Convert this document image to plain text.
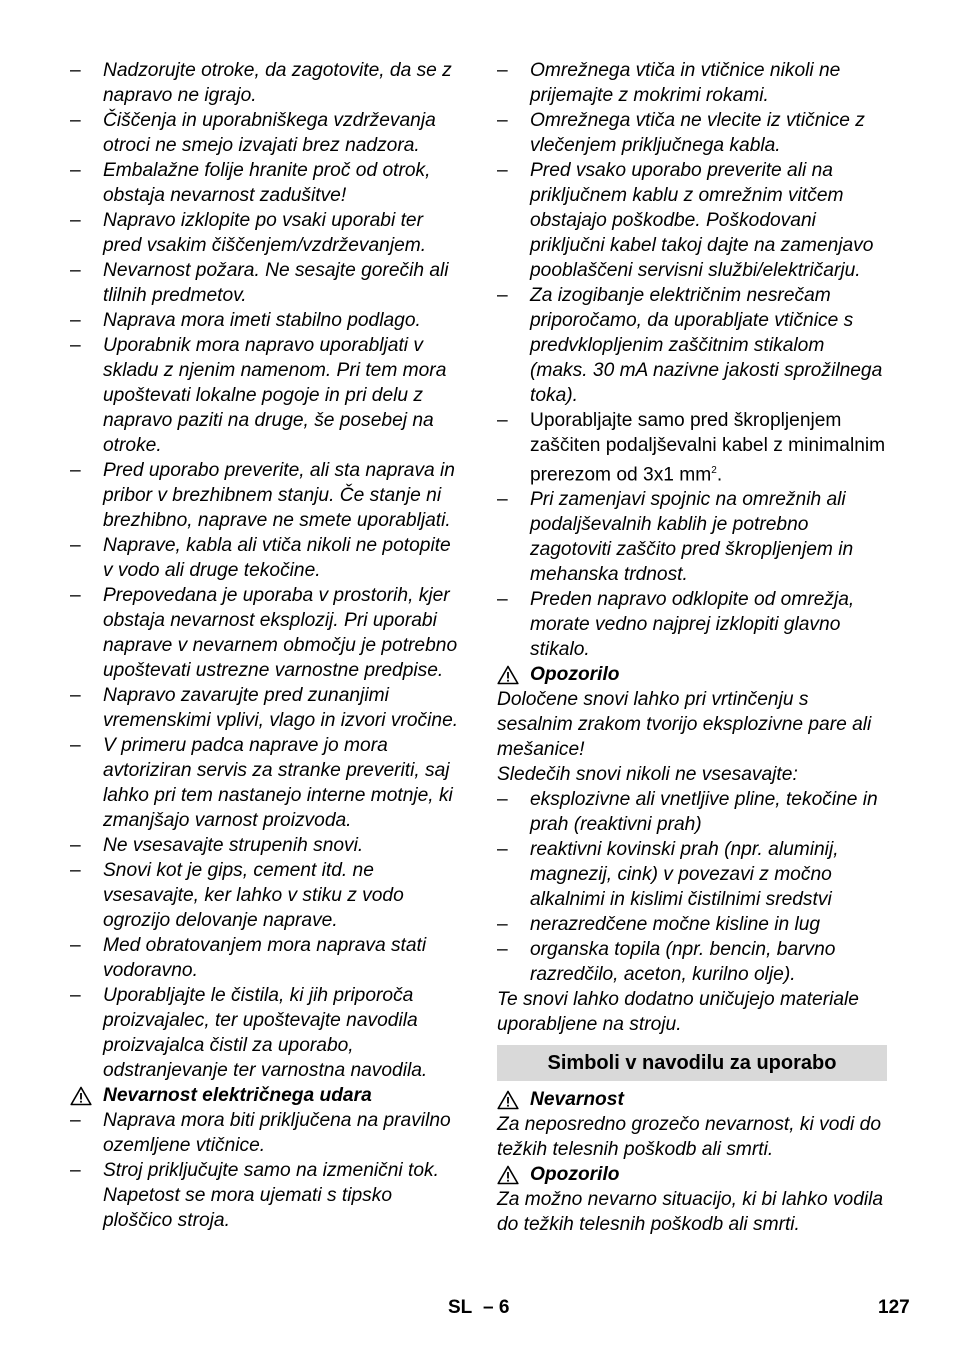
– Nadzorujte otroke, da zagotovite, da se z napravo ne igrajo.
– Čiščenja in uporabniškega vzdrževanja otroci ne smejo izvajati brez nadzora.
– Embalažne folije hranite proč od otrok, obstaja nevarnost zadušitve!
– Napravo izklopite po vsaki uporabi ter pred vsakim čiščenjem/vzdrževanjem.
– Nevarnost požara. Ne sesajte gorečih ali tlilnih predmetov.
– Naprava mora imeti stabilno podlago.
– Uporabnik mora napravo uporabljati v skladu z njenim namenom. Pri tem mora upoštevati lokalne pogoje in pri delu z napravo paziti na druge, še posebej na otroke.
– Pred uporabo preverite, ali sta naprava in pribor v brezhibnem stanju. Če stanje ni brezhibno, naprave ne smete uporabljati.
– Naprave, kabla ali vtiča nikoli ne potopite v vodo ali druge tekočine.
– Prepovedana je uporaba v prostorih, kjer obstaja nevarnost eksplozij. Pri uporabi naprave v nevarnem območju je potrebno upoštevati ustrezne varnostne predpise.
– Napravo zavarujte pred zunanjimi vremenskimi vplivi, vlago in izvori vročine.
– V primeru padca naprave jo mora avtoriziran servis za stranke preveriti, saj lahko pri tem nastanejo interne motnje, ki zmanjšajo varnost proizvoda.
– Ne vsesavajte strupenih snovi.
– Snovi kot je gips, cement itd. ne vsesavajte, ker lahko v stiku z vodo ogrozijo delovanje naprave.
– Med obratovanjem mora naprava stati vodoravno.
– Uporabljajte le čistila, ki jih priporoča proizvajalec, ter upoštevajte navodila proizvajalca čistil za uporabo, odstranjevanje ter varnostna navodila.
Nevarnost električnega udara
– Naprava mora biti priključena na pravilno ozemljene vtičnice.
– Stroj priključujte samo na izmenični tok. Napetost se mora ujemati s tipsko ploščico stroja.
– Omrežnega vtiča in vtičnice nikoli ne prijemajte z mokrimi rokami.
– Omrežnega vtiča ne vlecite iz vtičnice z vlečenjem priključnega kabla.
– Pred vsako uporabo preverite ali na priključnem kablu z omrežnim vitčem obstajajo poškodbe. Poškodovani priključni kabel takoj dajte na zamenjavo pooblaščeni servisni službi/električarju.
– Za izogibanje električnim nesrečam priporočamo, da uporabljate vtičnice s predvklopljenim zaščitnim stikalom (maks. 30 mA nazivne jakosti sprožilnega toka).
– Uporabljajte samo pred škropljenjem zaščiten podaljševalni kabel z minimalnim prerezom od 3x1 $mm^2$.
– Pri zamenjavi spojnic na omrežnih ali podaljševalnih kablih je potrebno zagotoviti zaščito pred škropljenjem in mehanska trdnost.
– Preden napravo odklopite od omrežja, morate vedno najprej izklopiti glavno stikalo.
Opozorilo
Določene snovi lahko pri vrtinčenju s sesalnim zrakom tvorijo eksplozivne pare ali mešanice!
Sledečih snovi nikoli ne vsesavajte:
– eksplozivne ali vnetljive pline, tekočine in prah (reaktivni prah)
– reaktivni kovinski prah (npr. aluminij, magnezij, cink) v povezavi z močno alkalnimi in kislimi čistilnimi sredstvi
– nerazredčene močne kisline in lug
– organska topila (npr. bencin, barvno razredčilo, aceton, kurilno olje).
Te snovi lahko dodatno uničujejo materiale uporabljene na stroju.
Simboli v navodilu za uporabo
Nevarnost
Za neposredno grozečo nevarnost, ki vodi do težkih telesnih poškodb ali smrti.
Opozorilo
Za možno nevarno situacijo, ki bi lahko vodila do težkih telesnih poškodb ali smrti.
SL – 6	127
